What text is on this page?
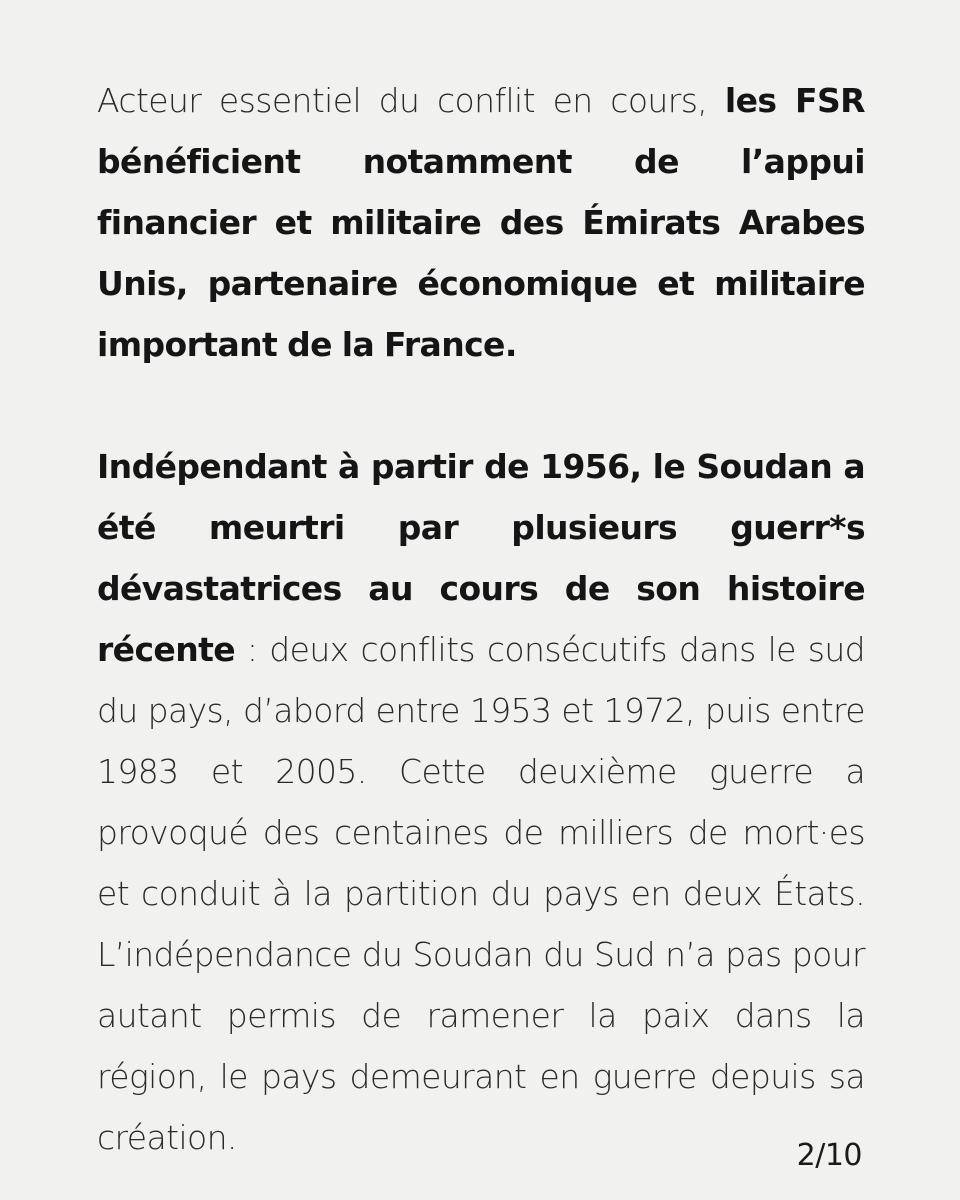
Acteur essentiel du conflit en cours, les FSR bénéficient notamment de l’appui financier et militaire des Émirats Arabes Unis, partenaire économique et militaire important de la France.

Indépendant à partir de 1956, le Soudan a été meurtri par plusieurs guerr*s dévastatrices au cours de son histoire récente : deux conflits consécutifs dans le sud du pays, d’abord entre 1953 et 1972, puis entre 1983 et 2005. Cette deuxième guerre a provoqué des centaines de milliers de mort·es et conduit à la partition du pays en deux États. L’indépendance du Soudan du Sud n’a pas pour autant permis de ramener la paix dans la région, le pays demeurant en guerre depuis sa création.	2/10
